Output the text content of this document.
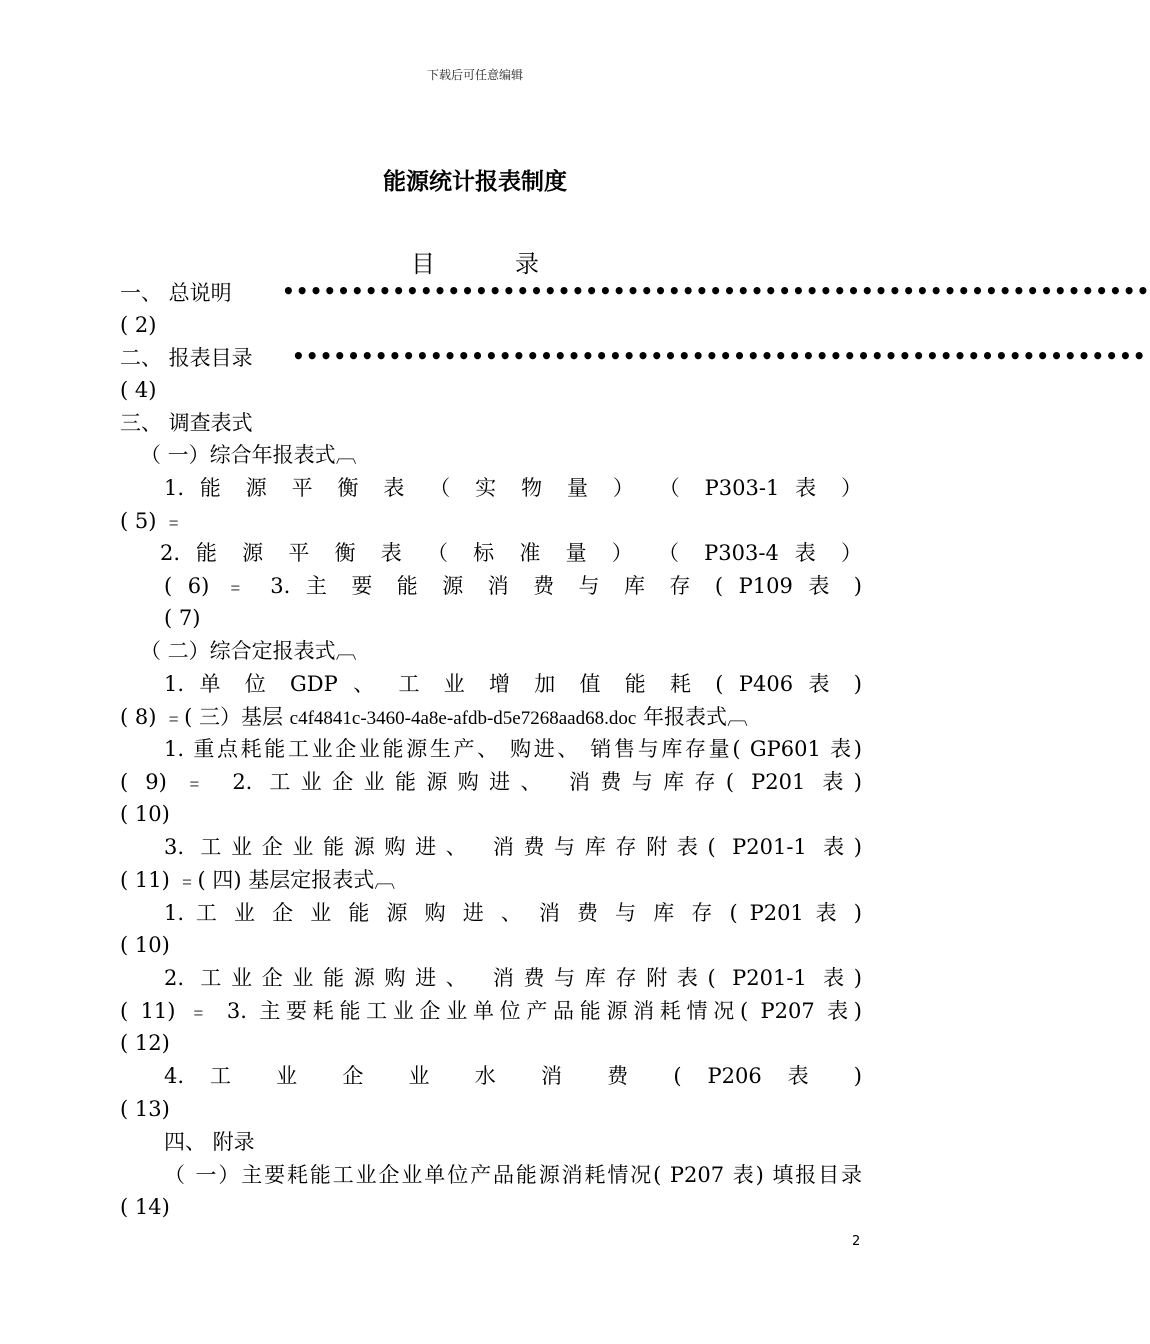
下载后可任意编辑
能源统计报表制度
目	录
一、 总说明	•••••••••••••••••••••••••••••••••••••••••••••••••••••••••••••••
( 2)
二、 报表目录 ••••••••••••••••••••••••••••••••••••••••••••••••••••••••••••••
( 4)
三、 调查表式
（ 一）综合年报表式︹
1. 能 源 平 衡 表 （ 实 物 量 ） （ P303-1 表 ）
( 5) ﹦
2. 能 源 平 衡 表 （ 标 准 量 ） （ P303-4 表 ）
( 6) ﹦ 3. 主 要 能 源 消 费 与 库 存 ( P109 表 )
( 7)
（ 二）综合定报表式︹
1. 单 位 GDP 、 工 业 增 加 值 能 耗 ( P406 表 )
( 8) ﹦( 三）基层 c4f4841c-3460-4a8e-afdb-d5e7268aad68.doc 年报表式︹
1. 重点耗能工业企业能源生产、 购进、 销售与库存量( GP601 表)
( 9) ﹦ 2. 工业企业能源购进、 消费与库存( P201 表)
( 10)
3. 工业企业能源购进、 消费与库存附表( P201-1 表)
( 11) ﹦( 四) 基层定报表式︹
1. 工 业 企 业 能 源 购 进 、 消 费 与 库 存 ( P201 表 )
( 10)
2. 工业企业能源购进、 消费与库存附表( P201-1 表)
( 11) ﹦ 3. 主要耗能工业企业单位产品能源消耗情况( P207 表)
( 12)
4. 工 业 企 业 水 消 费 ( P206 表 )
( 13)
四、 附录
（ 一）主要耗能工业企业单位产品能源消耗情况( P207 表) 填报目录
( 14)
2
